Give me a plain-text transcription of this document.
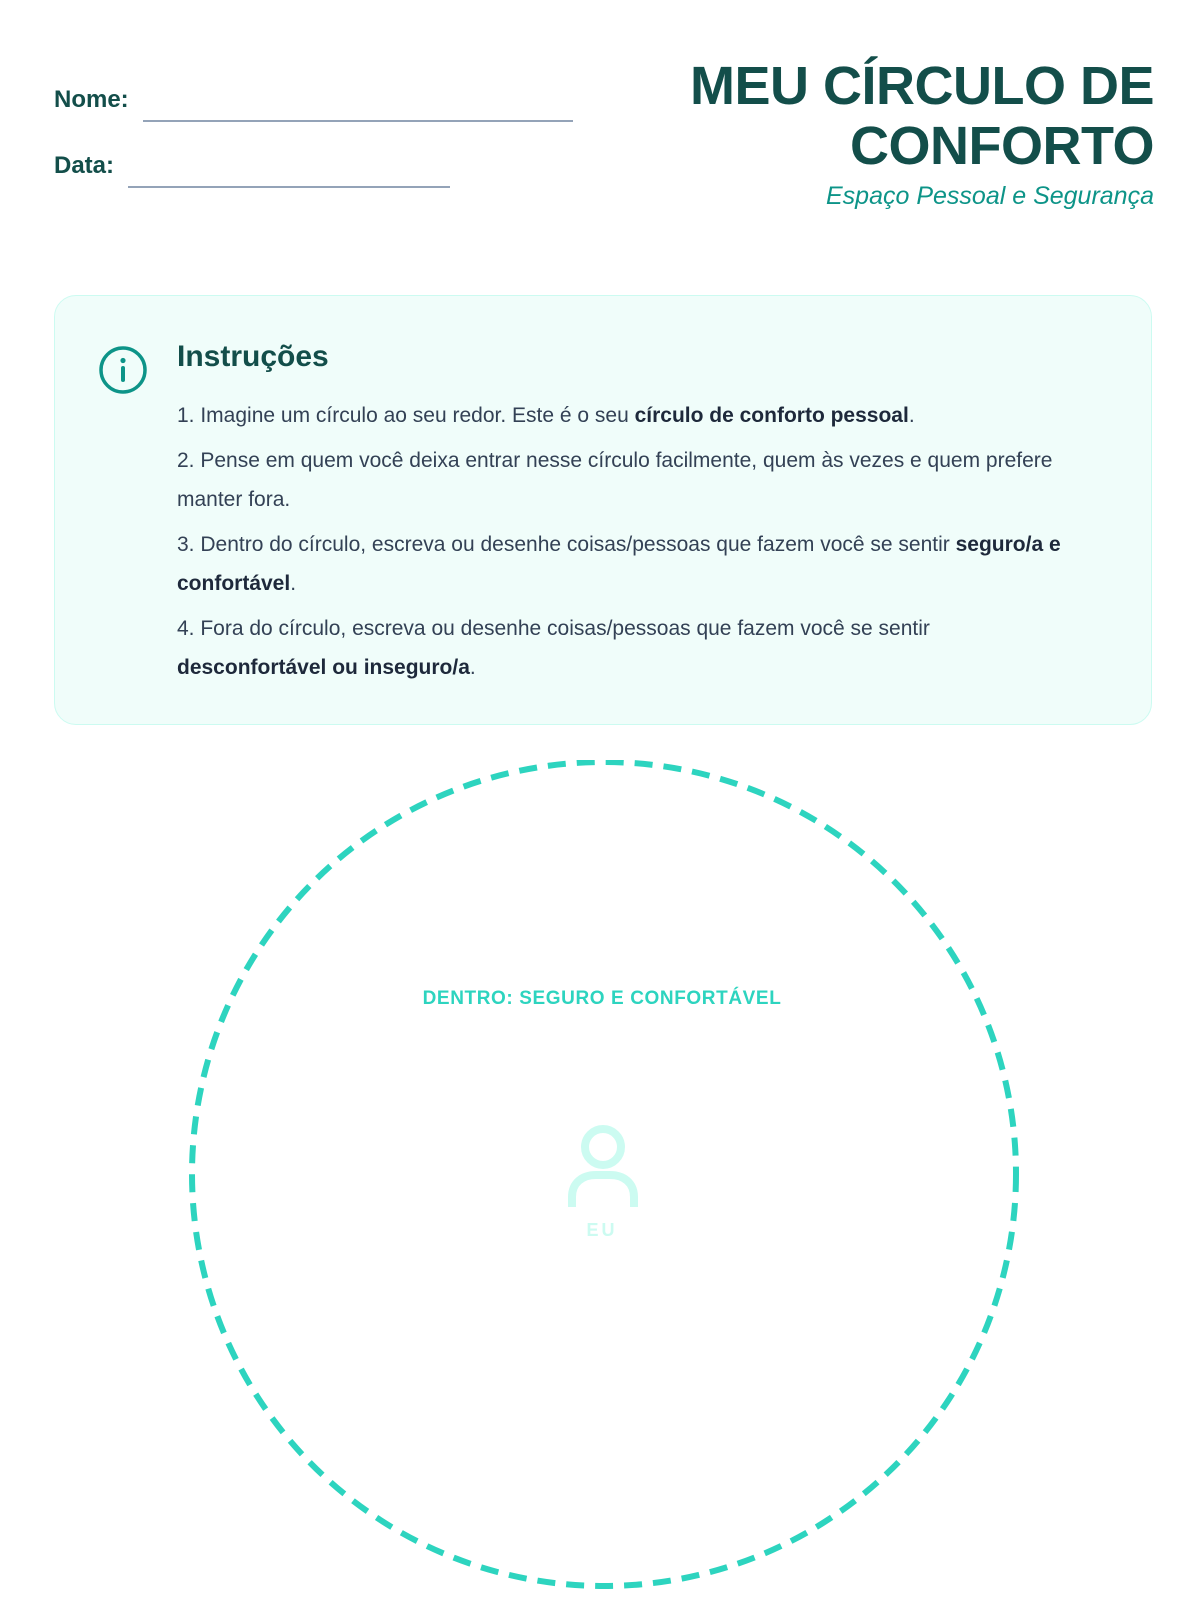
Nome:
Data:
MEU CÍRCULO DE
CONFORTO
Espaço Pessoal e Segurança
Instruções
1. Imagine um círculo ao seu redor. Este é o seu círculo de conforto pessoal.
2. Pense em quem você deixa entrar nesse círculo facilmente, quem às vezes e quem prefere manter fora.
3. Dentro do círculo, escreva ou desenhe coisas/pessoas que fazem você se sentir seguro/a e confortável.
4. Fora do círculo, escreva ou desenhe coisas/pessoas que fazem você se sentir desconfortável ou inseguro/a.
DENTRO: SEGURO E CONFORTÁVEL
EU
